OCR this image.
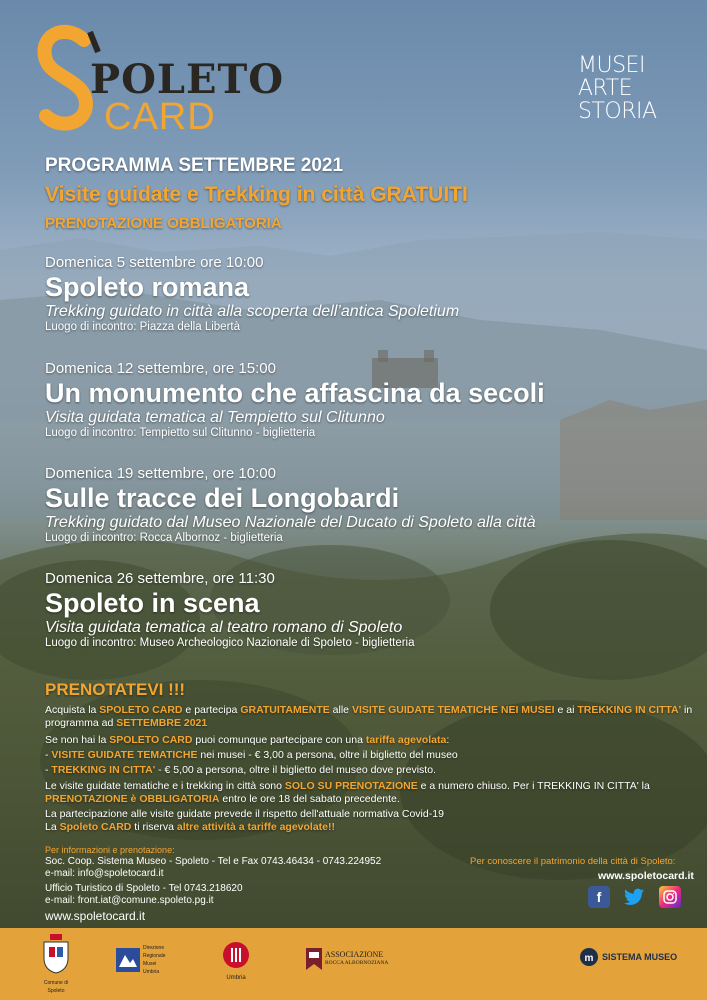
POLETO
CARD
MUSEI
ARTE
STORIA
PROGRAMMA SETTEMBRE 2021
Visite guidate e Trekking in città GRATUITI
PRENOTAZIONE OBBLIGATORIA
Domenica 5 settembre ore 10:00
Spoleto romana
Trekking guidato in città alla scoperta dell’antica Spoletium
Luogo di incontro: Piazza della Libertà
Domenica 12 settembre, ore 15:00
Un monumento che affascina da secoli
Visita guidata tematica al Tempietto sul Clitunno
Luogo di incontro: Tempietto sul Clitunno - biglietteria
Domenica 19 settembre, ore 10:00
Sulle tracce dei Longobardi
Trekking guidato dal Museo Nazionale del Ducato di Spoleto alla città
Luogo di incontro: Rocca Albornoz - biglietteria
Domenica 26 settembre, ore 11:30
Spoleto in scena
Visita guidata tematica al teatro romano di Spoleto
Luogo di incontro: Museo Archeologico Nazionale di Spoleto - biglietteria
PRENOTATEVI !!!
Acquista la SPOLETO CARD e partecipa GRATUITAMENTE alle VISITE GUIDATE TEMATICHE NEI MUSEI e ai TREKKING IN CITTA' in
programma ad SETTEMBRE 2021
Se non hai la SPOLETO CARD puoi comunque partecipare con una tariffa agevolata:
- VISITE GUIDATE TEMATICHE nei musei - € 3,00 a persona, oltre il biglietto del museo
- TREKKING IN CITTA' - € 5,00 a persona, oltre il biglietto del museo dove previsto.
Le visite guidate tematiche e i trekking in città sono SOLO SU PRENOTAZIONE e a numero chiuso. Per i TREKKING IN CITTA' la
PRENOTAZIONE è OBBLIGATORIA entro le ore 18 del sabato precedente.
La partecipazione alle visite guidate prevede il rispetto dell'attuale normativa Covid-19
La Spoleto CARD ti riserva altre attività a tariffe agevolate!!
Per informazioni e prenotazione:
Soc. Coop. Sistema Museo - Spoleto - Tel e Fax 0743.46434 - 0743.224952
e-mail: info@spoletocard.it
Ufficio Turistico di Spoleto - Tel 0743.218620
e-mail: front.iat@comune.spoleto.pg.it
www.spoletocard.it
Per conoscere il patrimonio della città di Spoleto:
www.spoletocard.it
f
Comune di Spoleto
Direzione Regionale Musei Umbria
Umbria
ASSOCIAZIONE
ROCCA ALBORNOZIANA	m SISTEMA MUSEO
